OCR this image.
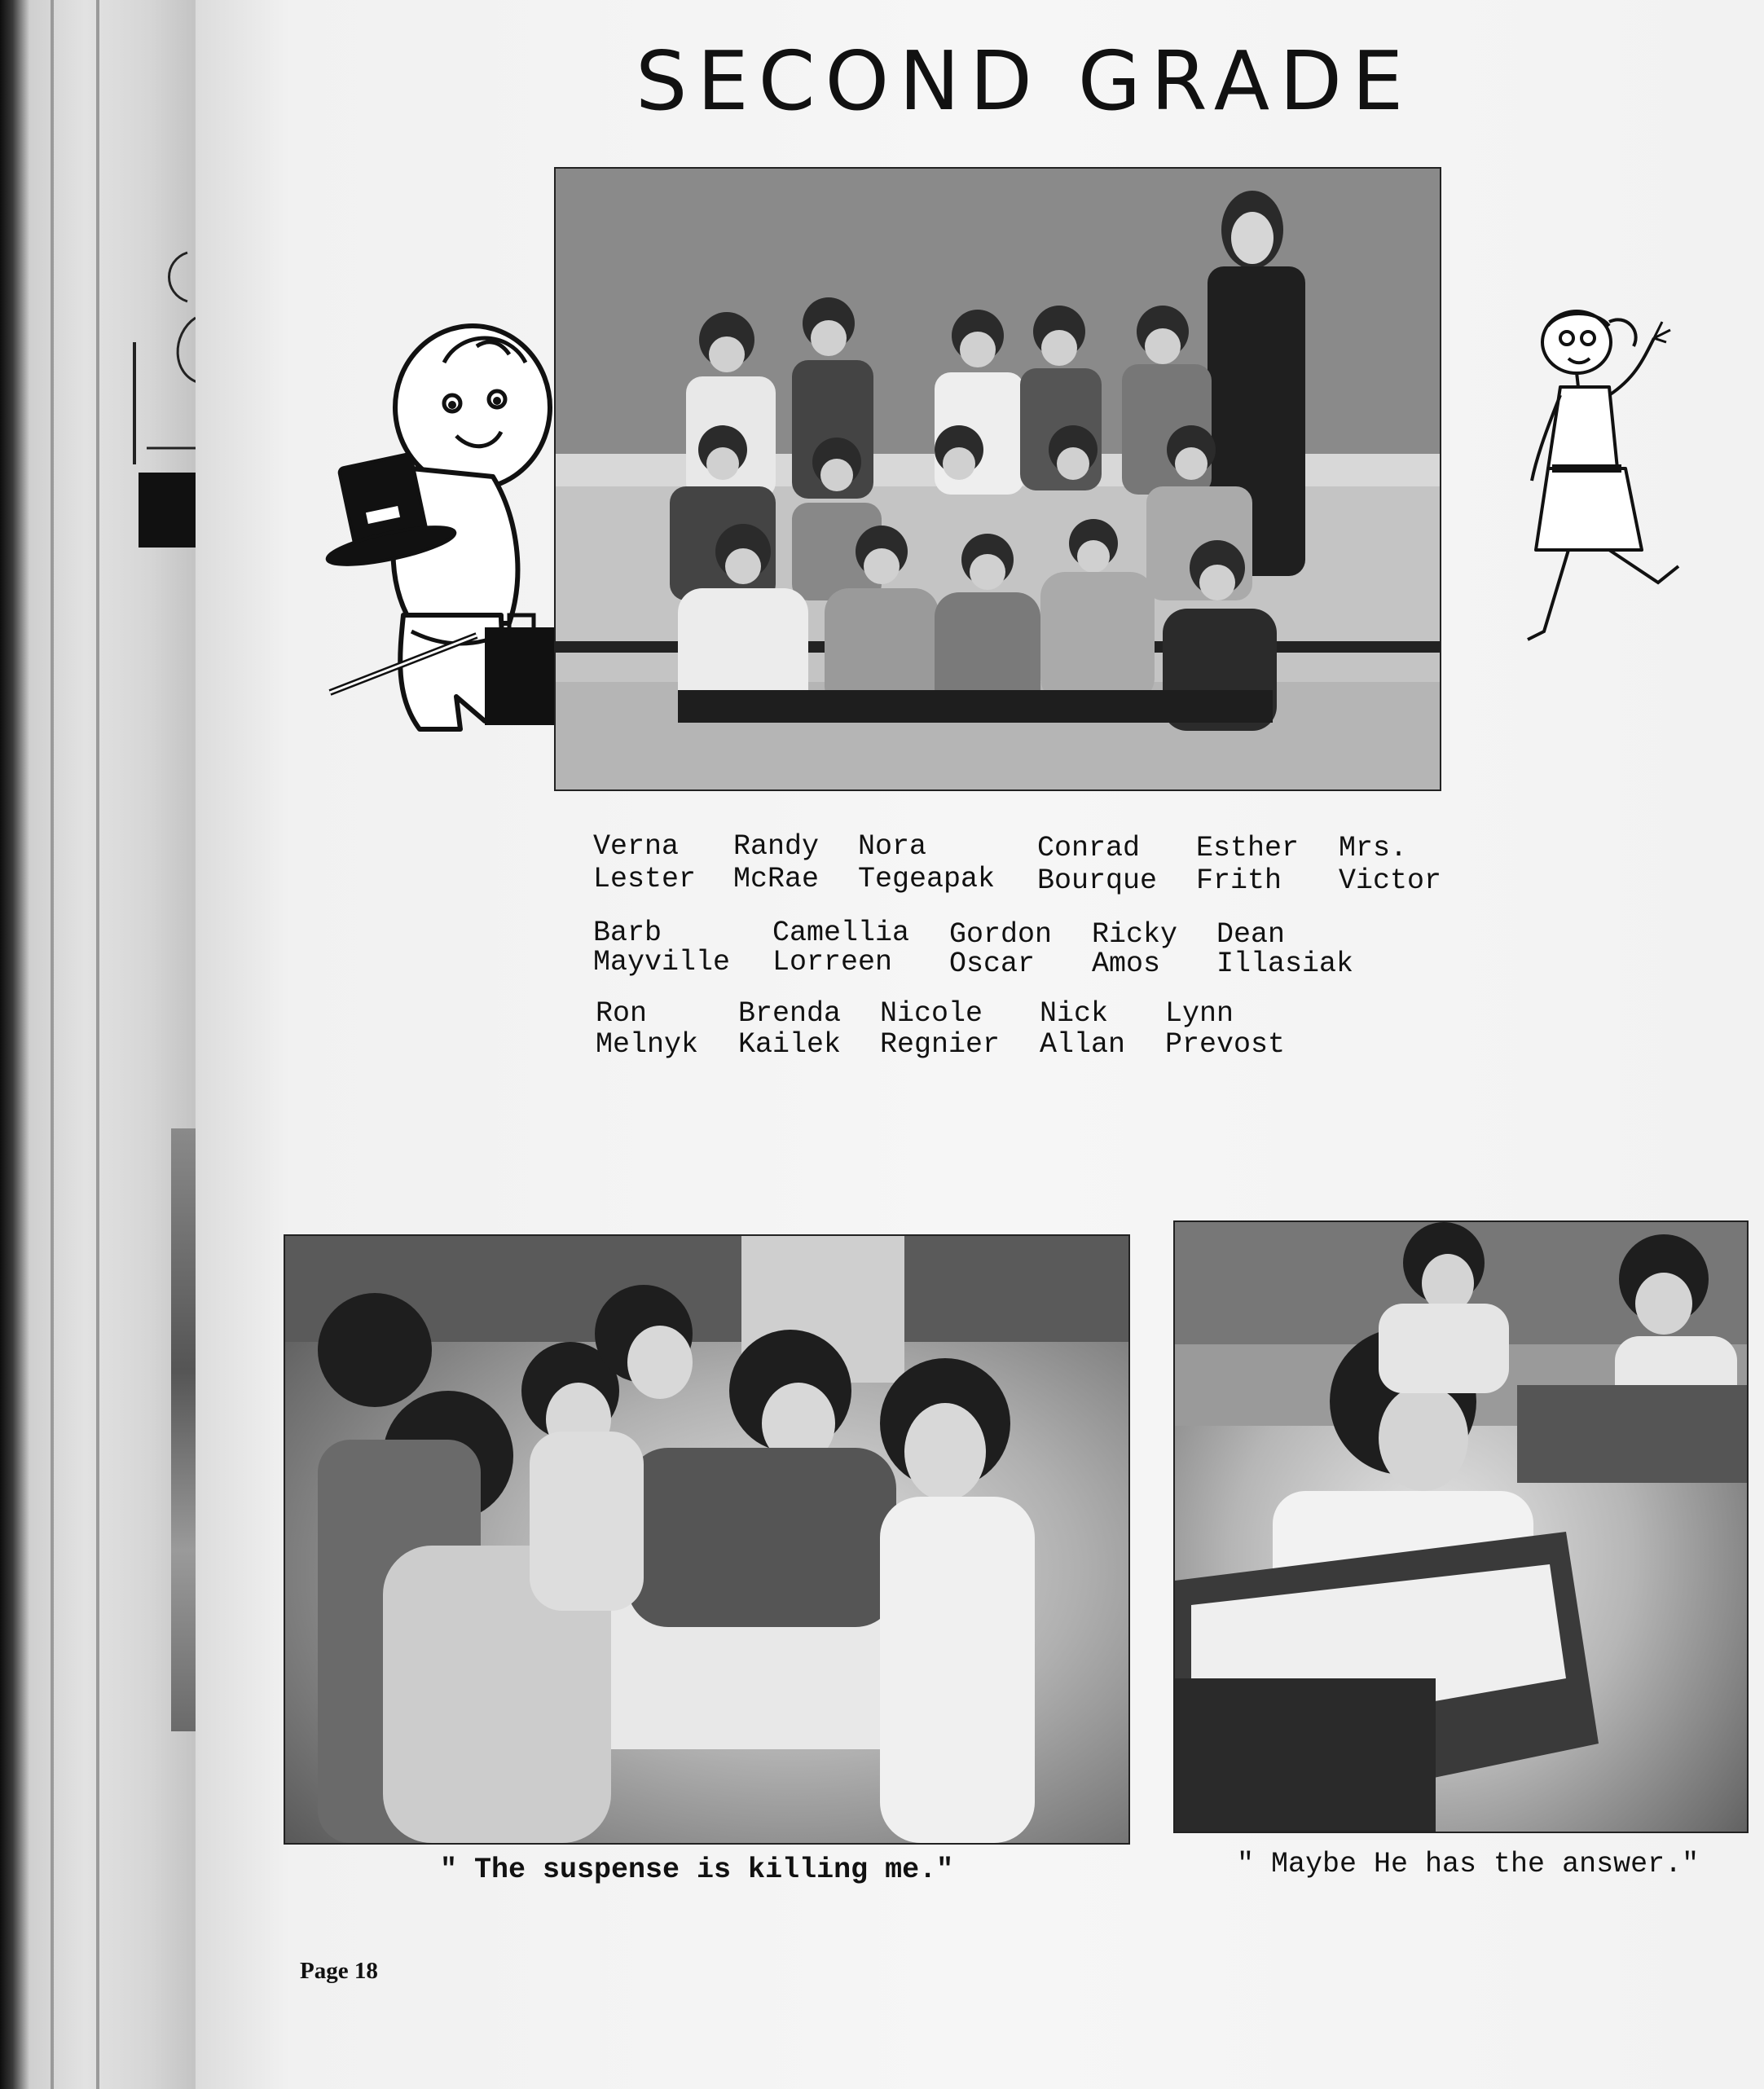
SECOND GRADE
Verna
Lester
Randy
McRae
Nora
Tegeapak
Conrad
Bourque
Esther
Frith
Mrs.
Victor
Barb
Mayville
Camellia
Lorreen
Gordon
Oscar
Ricky
Amos
Dean
Illasiak
Ron
Melnyk
Brenda
Kailek
Nicole
Regnier
Nick
Allan
Lynn
Prevost
" The suspense is killing me."	" Maybe He has the answer."
Page 18
